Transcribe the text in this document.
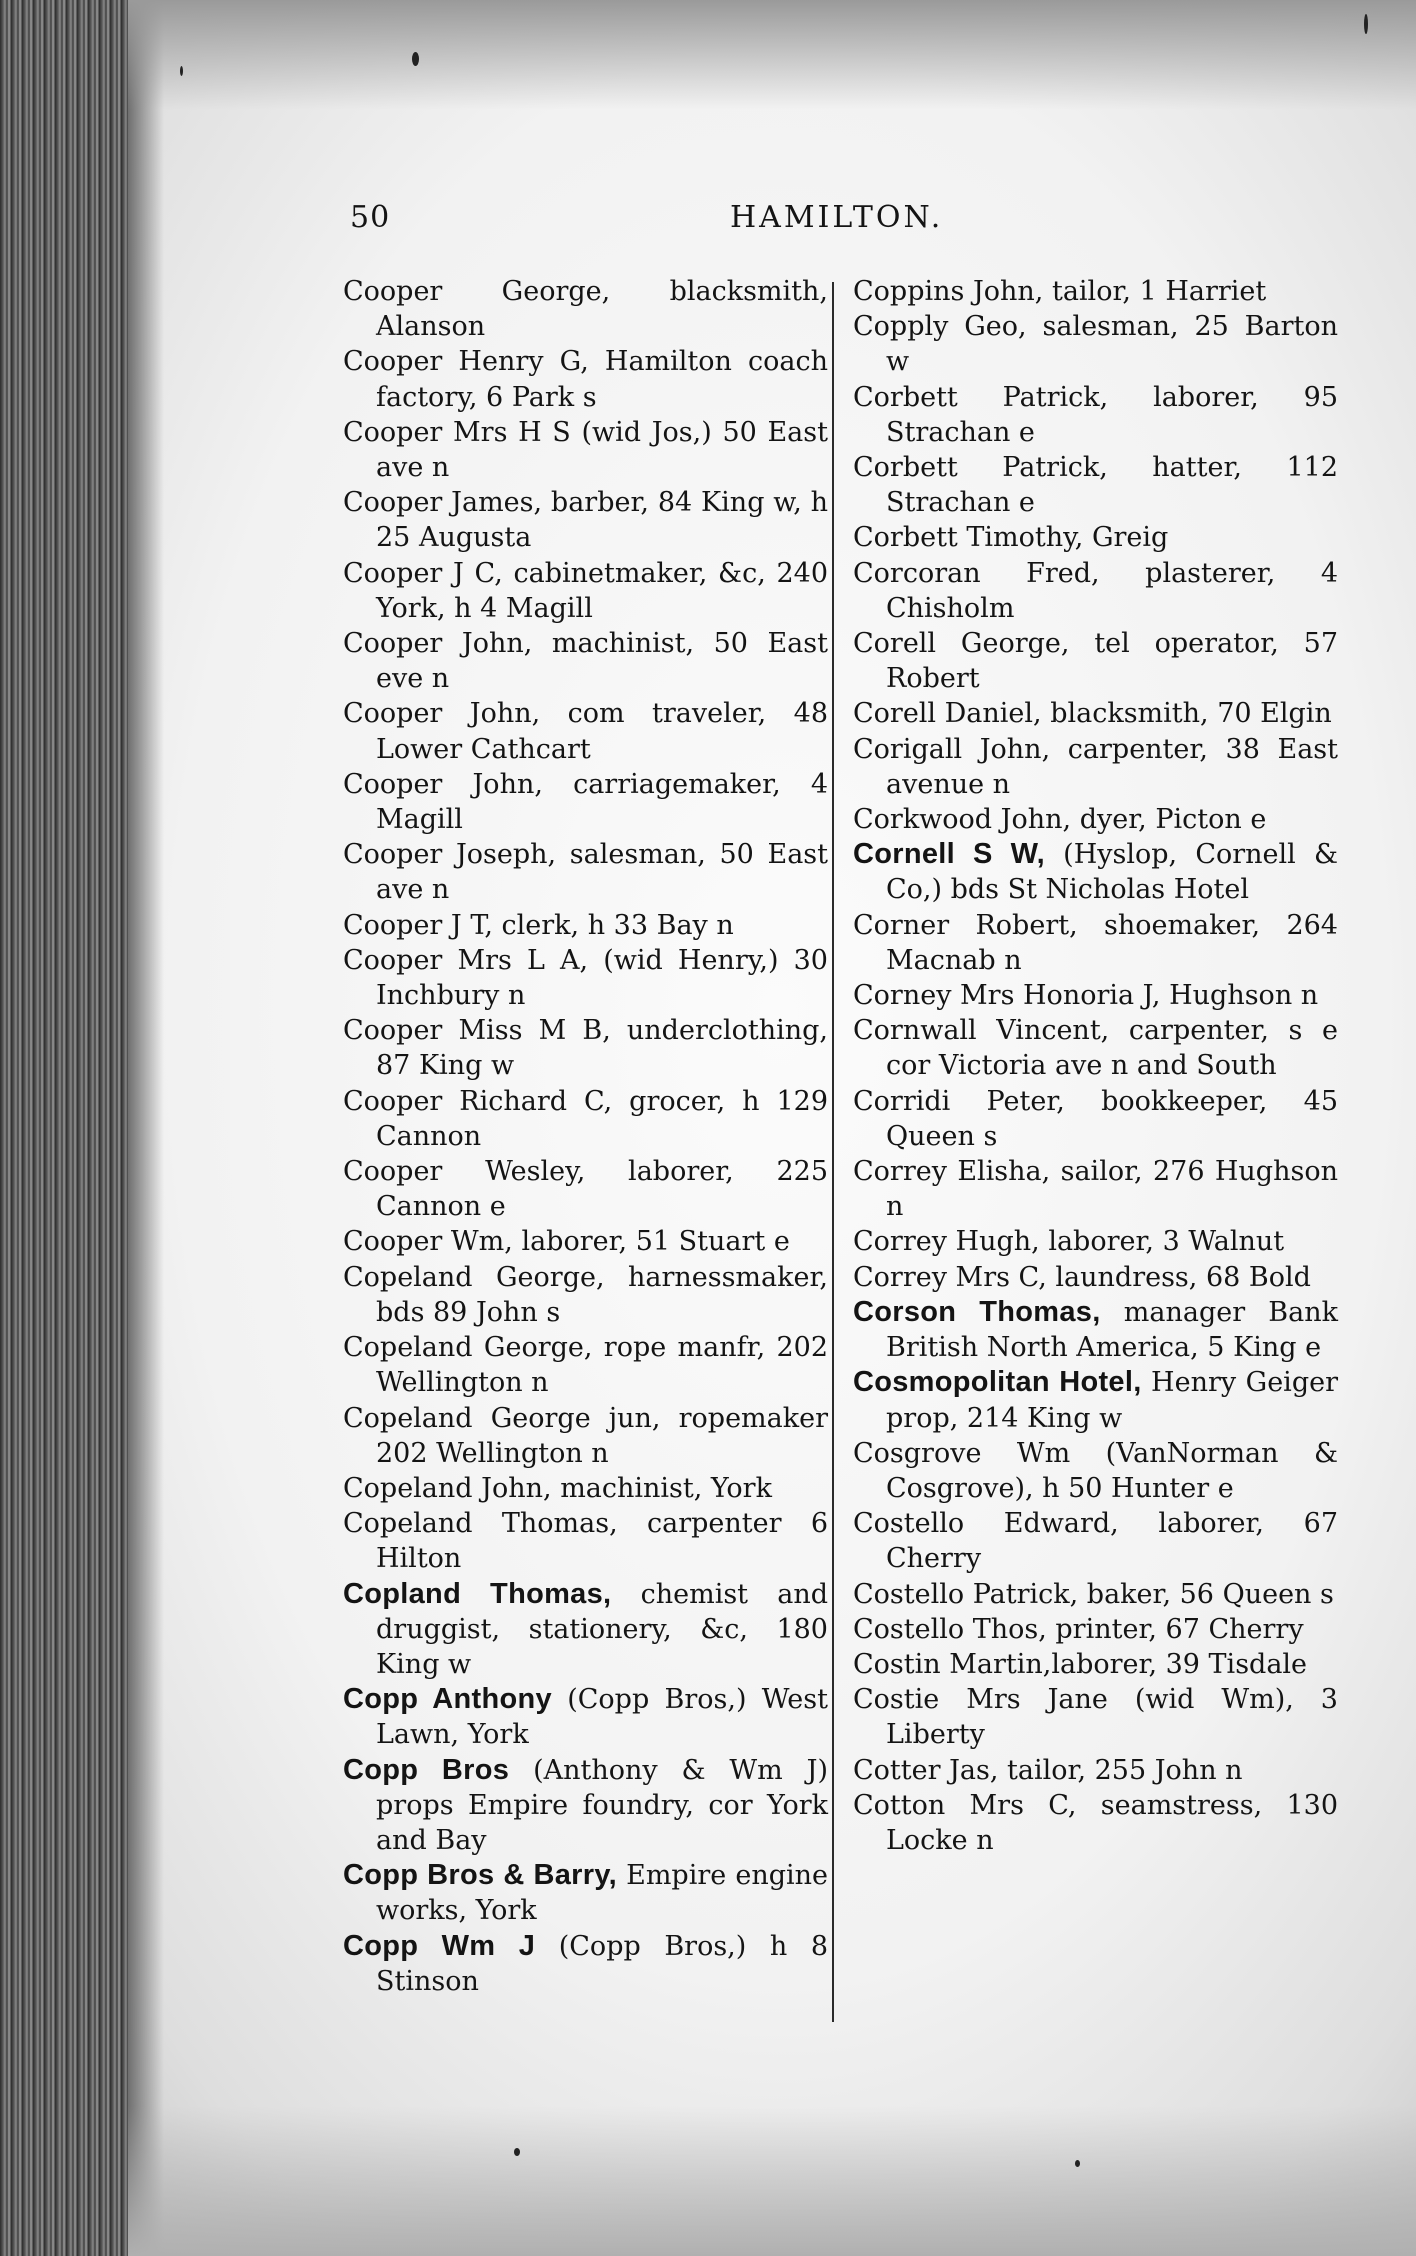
50	HAMILTON.
Cooper George, blacksmith, Alanson
Cooper Henry G, Hamilton coach factory, 6 Park s
Cooper Mrs H S (wid Jos,) 50 East ave n
Cooper James, barber, 84 King w, h 25 Augusta
Cooper J C, cabinetmaker, &c, 240 York, h 4 Magill
Cooper John, machinist, 50 East eve n
Cooper John, com traveler, 48 Lower Cathcart
Cooper John, carriagemaker, 4 Magill
Cooper Joseph, salesman, 50 East ave n
Cooper J T, clerk, h 33 Bay n
Cooper Mrs L A, (wid Henry,) 30 Inchbury n
Cooper Miss M B, underclothing, 87 King w
Cooper Richard C, grocer, h 129 Cannon
Cooper Wesley, laborer, 225 Cannon e
Cooper Wm, laborer, 51 Stuart e
Copeland George, harnessmaker, bds 89 John s
Copeland George, rope manfr, 202 Wellington n
Copeland George jun, ropemaker 202 Wellington n
Copeland John, machinist, York
Copeland Thomas, carpenter 6 Hilton
Copland Thomas, chemist and druggist, stationery, &c, 180 King w
Copp Anthony (Copp Bros,) West Lawn, York
Copp Bros (Anthony & Wm J) props Empire foundry, cor York and Bay
Copp Bros & Barry, Empire engine works, York
Copp Wm J (Copp Bros,) h 8 Stinson
Coppins John, tailor, 1 Harriet
Copply Geo, salesman, 25 Barton w
Corbett Patrick, laborer, 95 Strachan e
Corbett Patrick, hatter, 112 Strachan e
Corbett Timothy, Greig
Corcoran Fred, plasterer, 4 Chisholm
Corell George, tel operator, 57 Robert
Corell Daniel, blacksmith, 70 Elgin
Corigall John, carpenter, 38 East avenue n
Corkwood John, dyer, Picton e
Cornell S W, (Hyslop, Cornell & Co,) bds St Nicholas Hotel
Corner Robert, shoemaker, 264 Macnab n
Corney Mrs Honoria J, Hughson n
Cornwall Vincent, carpenter, s e cor Victoria ave n and South
Corridi Peter, bookkeeper, 45 Queen s
Correy Elisha, sailor, 276 Hughson n
Correy Hugh, laborer, 3 Walnut
Correy Mrs C, laundress, 68 Bold
Corson Thomas, manager Bank British North America, 5 King e
Cosmopolitan Hotel, Henry Geiger prop, 214 King w
Cosgrove Wm (VanNorman & Cosgrove), h 50 Hunter e
Costello Edward, laborer, 67 Cherry
Costello Patrick, baker, 56 Queen s
Costello Thos, printer, 67 Cherry
Costin Martin,laborer, 39 Tisdale
Costie Mrs Jane (wid Wm), 3 Liberty
Cotter Jas, tailor, 255 John n
Cotton Mrs C, seamstress, 130 Locke n
